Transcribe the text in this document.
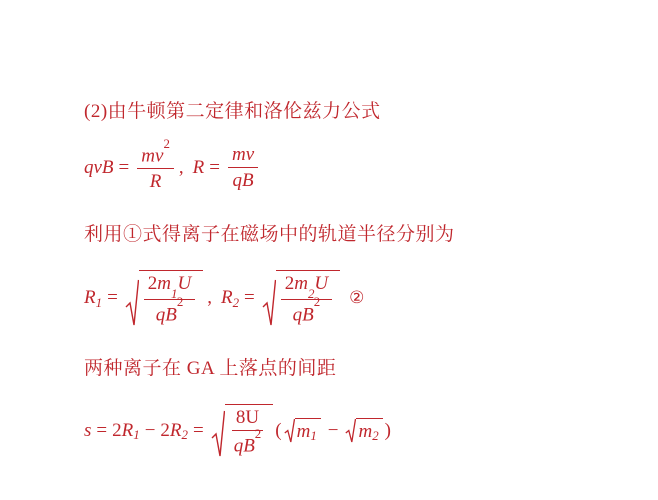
(2)由牛顿第二定律和洛伦兹力公式
qvB = $\frac{mv^2}{R}$ , $R = \frac{mv}{qB}$
利用①式得离子在磁场中的轨道半径分别为
R $1 = \frac{2m_1U}{qB^2}$ , R $2 = \frac{2m_2U}{qB^2}$ ②
两种离子在 GA 上落点的间距
s = 2 R 1 − 2 R $2 = \frac{8U}{qB^2}$ ( m 1 − m 2 )
